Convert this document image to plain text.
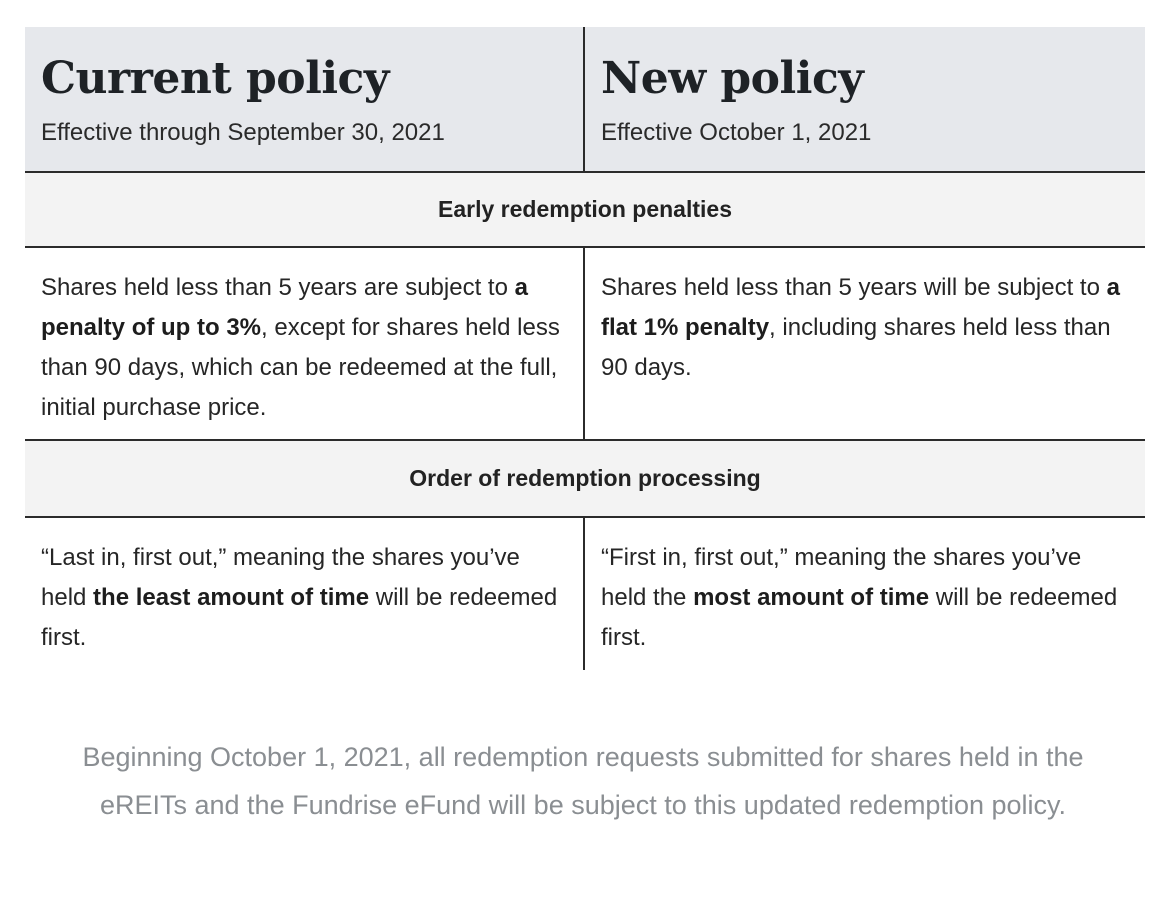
Current policy
Effective through September 30, 2021
New policy
Effective October 1, 2021
Early redemption penalties
Shares held less than 5 years are subject to a penalty of up to 3%, except for shares held less than 90 days, which can be redeemed at the full, initial purchase price.
Shares held less than 5 years will be subject to a flat 1% penalty, including shares held less than 90 days.
Order of redemption processing
“Last in, first out,” meaning the shares you’ve held the least amount of time will be redeemed first.
“First in, first out,” meaning the shares you’ve held the most amount of time will be redeemed first.
Beginning October 1, 2021, all redemption requests submitted for shares held in the eREITs and the Fundrise eFund will be subject to this updated redemption policy.
